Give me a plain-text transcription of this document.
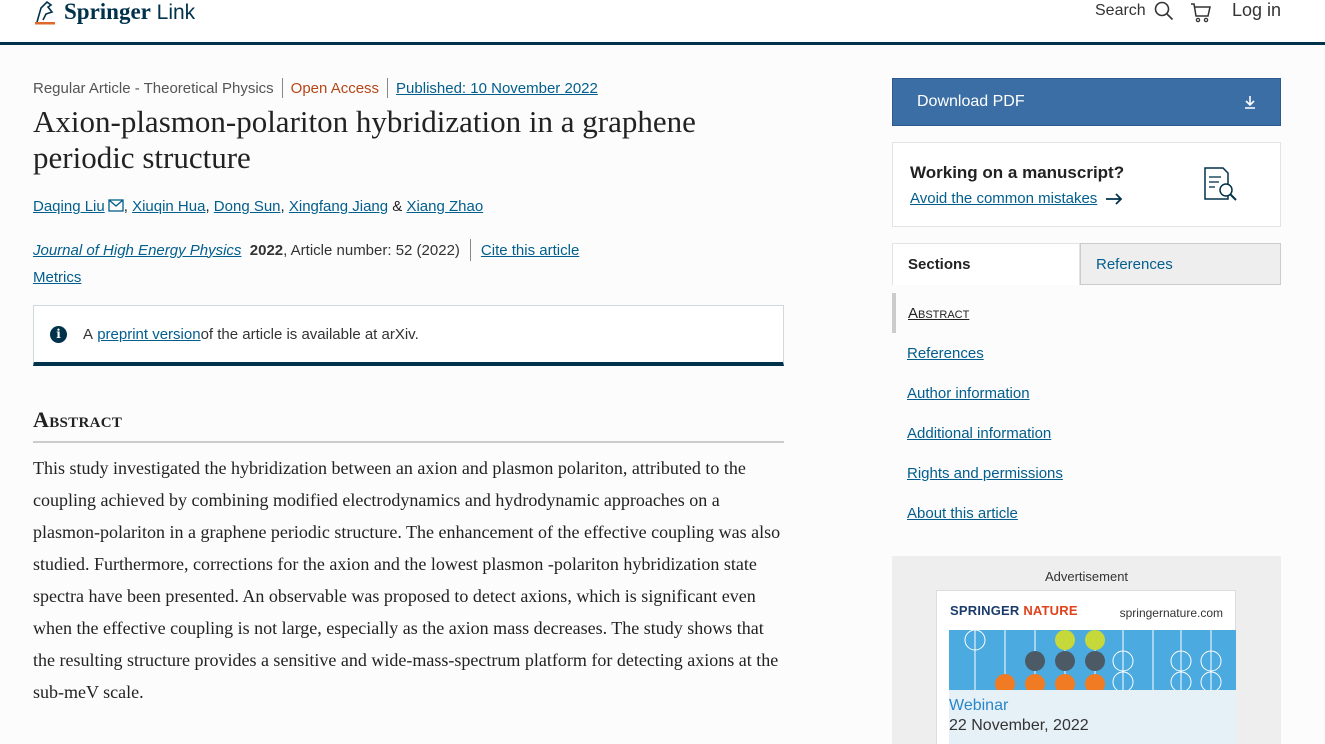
Springer Link	Search	Log in
Regular Article - Theoretical Physics Open Access Published: 10 November 2022
Axion-plasmon-polariton hybridization in a graphene periodic structure
Daqing Liu , Xiuqin Hua, Dong Sun, Xingfang Jiang & Xiang Zhao
Journal of High Energy Physics
2022 , Article number: 52 (2022) Cite this article
Metrics
i	A
preprint version of the article is available at arXiv.
Abstract

This study investigated the hybridization between an axion and plasmon polariton, attributed to the coupling achieved by combining modified electrodynamics and hydrodynamic approaches on a plasmon-polariton in a graphene periodic structure. The enhancement of the effective coupling was also studied. Furthermore, corrections for the axion and the lowest plasmon -polariton hybridization state spectra have been presented. An observable was proposed to detect axions, which is significant even when the effective coupling is not large, especially as the axion mass decreases. The study shows that the resulting structure provides a sensitive and wide-mass-spectrum platform for detecting axions at the sub-meV scale.

Download PDF
Working on a manuscript?
Avoid the common mistakes
Sections	References
Abstract
References
Author information
Additional information
Rights and permissions
About this article
Advertisement
SPRINGER NATURE	springernature.com
Webinar
22 November, 2022
